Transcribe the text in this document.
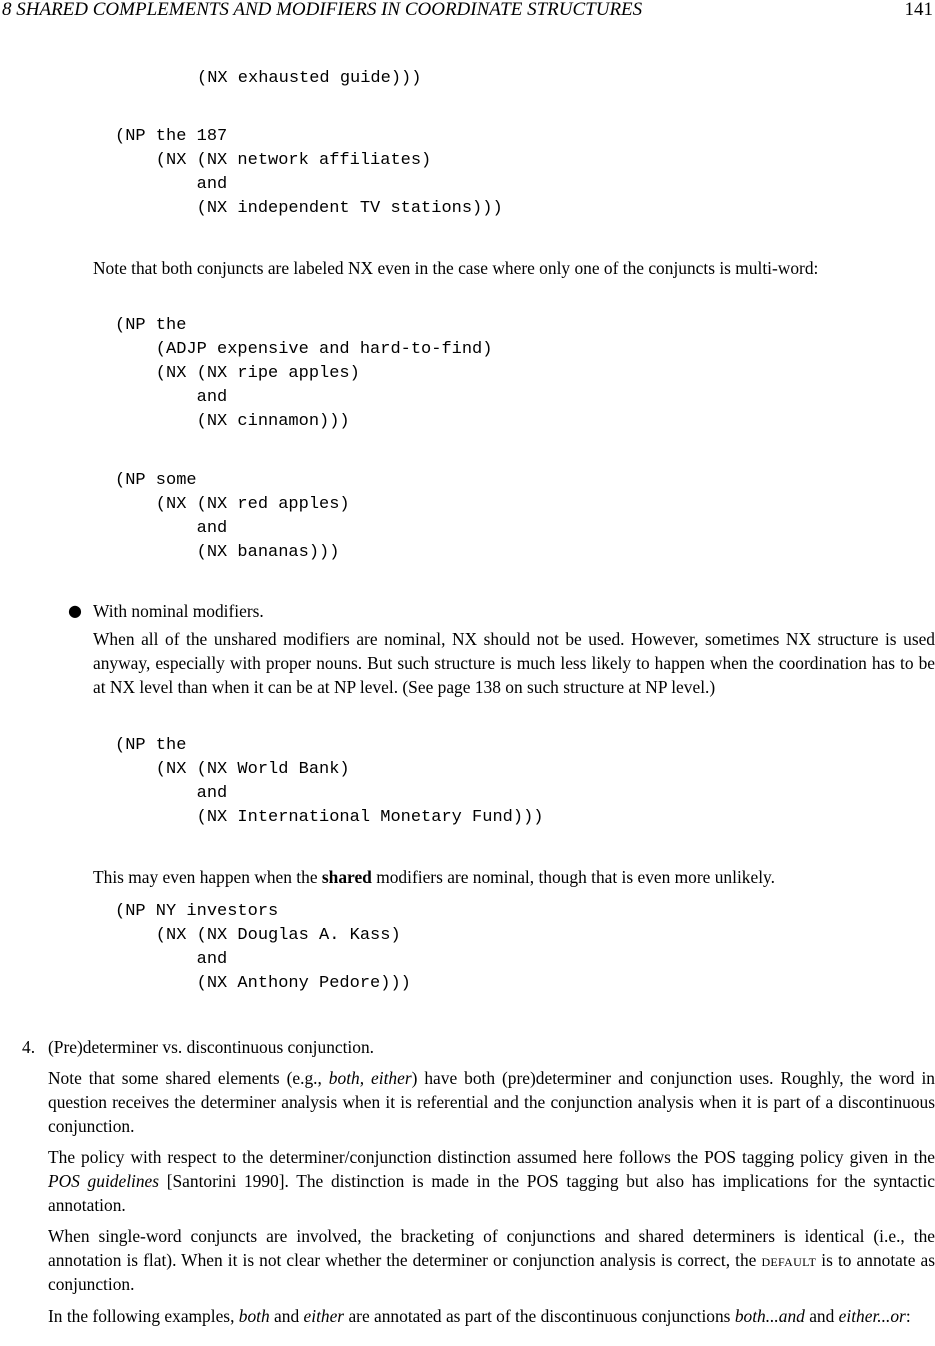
8 SHARED COMPLEMENTS AND MODIFIERS IN COORDINATE STRUCTURES	141
(NX exhausted guide)))
(NP the 187
(NX (NX network affiliates)
and
(NX independent TV stations)))

Note that both conjuncts are labeled NX even in the case where only one of the conjuncts is multi-word:

(NP the
(ADJP expensive and hard-to-find)
(NX (NX ripe apples)
and
(NX cinnamon)))
(NP some
(NX (NX red apples)
and
(NX bananas)))
● With nominal modifiers.

When all of the unshared modifiers are nominal, NX should not be used. However, sometimes NX structure is used anyway, especially with proper nouns. But such structure is much less likely to happen when the coordination has to be at NX level than when it can be at NP level. (See page 138 on such structure at NP level.)

(NP the
(NX (NX World Bank)
and
(NX International Monetary Fund)))

This may even happen when the shared modifiers are nominal, though that is even more unlikely.

(NP NY investors
(NX (NX Douglas A. Kass)
and
(NX Anthony Pedore)))
4. (Pre)determiner vs. discontinuous conjunction.

Note that some shared elements (e.g., both, either) have both (pre)determiner and conjunction uses. Roughly, the word in question receives the determiner analysis when it is referential and the conjunction analysis when it is part of a discontinuous conjunction.

The policy with respect to the determiner/conjunction distinction assumed here follows the POS tagging policy given in the POS guidelines [Santorini 1990]. The distinction is made in the POS tagging but also has implications for the syntactic annotation.

When single-word conjuncts are involved, the bracketing of conjunctions and shared determiners is identical (i.e., the annotation is flat). When it is not clear whether the determiner or conjunction analysis is correct, the default is to annotate as conjunction.

In the following examples, both and either are annotated as part of the discontinuous conjunctions both...and and either...or:
